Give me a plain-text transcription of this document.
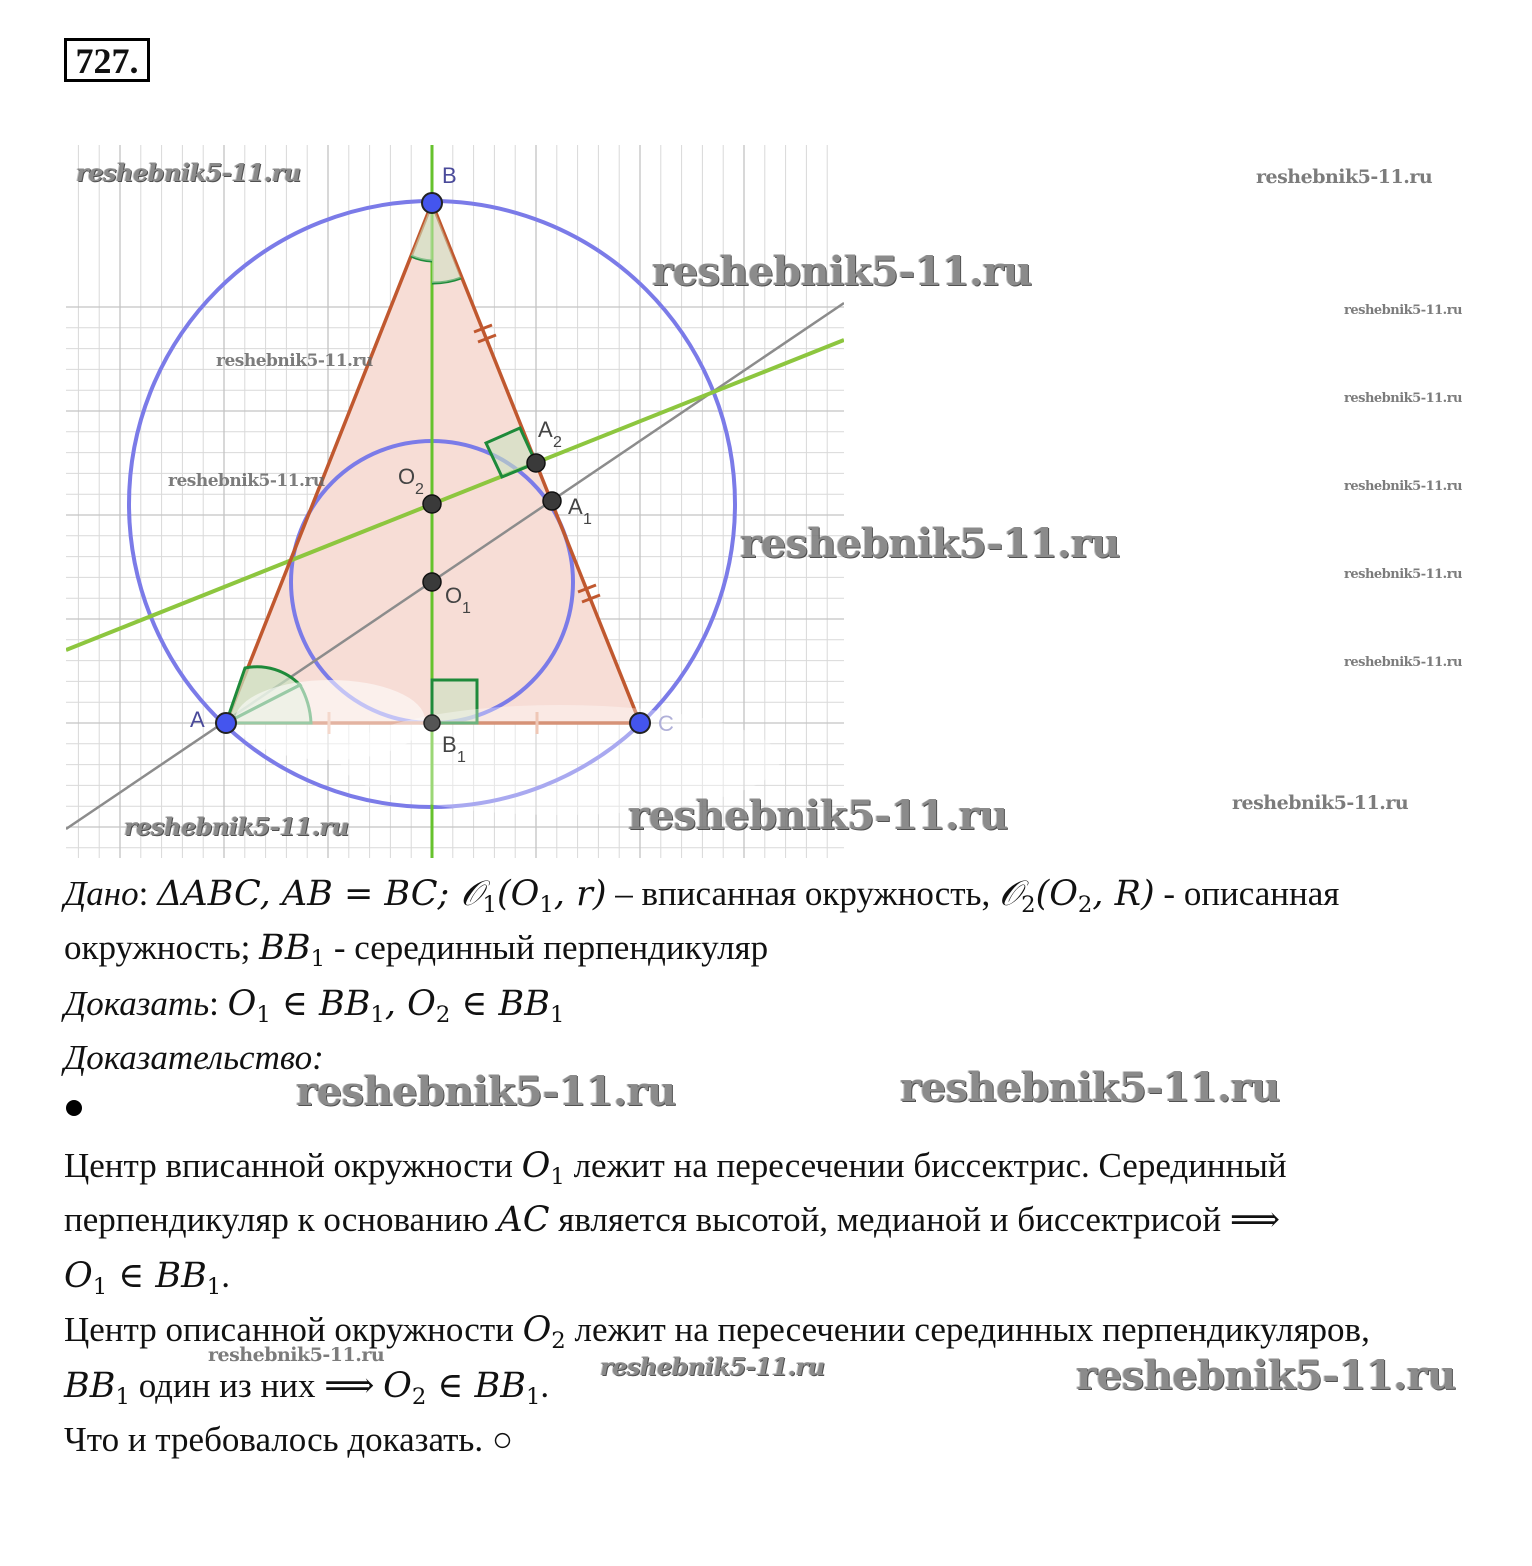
727.
B
A	C
B
1
A
1
A
2
O
1
O
2
reshebnik5-11.ru	reshebnik5-11.ru
reshebnik5-11.ru
reshebnik5-11.ru
reshebnik5-11.ru
reshebnik5-11.ru
reshebnik5-11.ru	reshebnik5-11.ru
reshebnik5-11.ru
reshebnik5-11.ru
reshebnik5-11.ru
reshebnik5-11.ru
reshebnik5-11.ru
reshebnik5-11.ru
reshebnik5-11.ru	reshebnik5-11.ru
reshebnik5-11.ru	reshebnik5-11.ru	reshebnik5-11.ru
Дано: ΔABC, AB = BC; $𝒪_1(O_1$, r) – вписанная окружность, $𝒪_2(O_2$, R) - описанная
окружность; $BB_1$ - серединный перпендикуляр
Доказать: $O_1$ ∈ $BB_1$, $O_2$ ∈ $BB_1$
Доказательство:
Центр вписанной окружности $O_1$ лежит на пересечении биссектрис. Серединный
перпендикуляр к основанию AC является высотой, медианой и биссектрисой ⟹
$O_1$ ∈ $BB_1$.
Центр описанной окружности $O_2$ лежит на пересечении серединных перпендикуляров,
$BB_1$ один из них ⟹ $O_2$ ∈ $BB_1$.
Что и требовалось доказать. ○
